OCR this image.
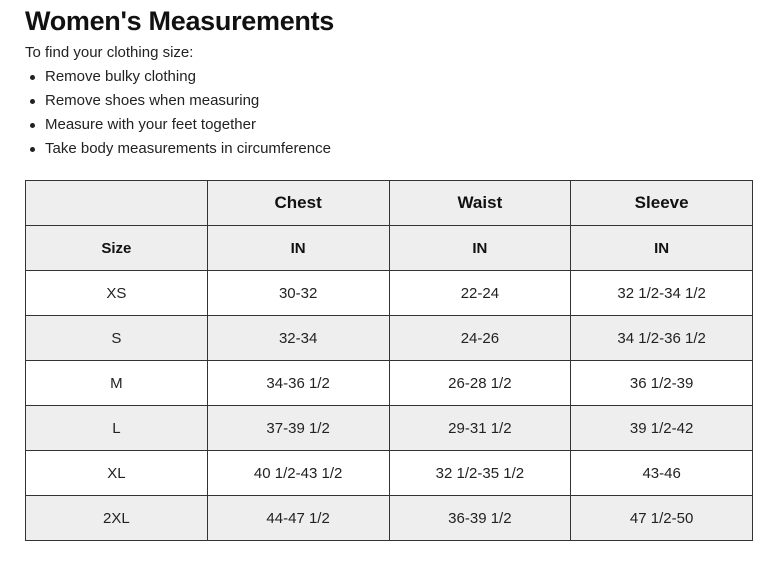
Women's Measurements
To find your clothing size:
Remove bulky clothing
Remove shoes when measuring
Measure with your feet together
Take body measurements in circumference
	Chest	Waist	Sleeve
Size	IN	IN	IN
XS	30-32	22-24	32 1/2-34 1/2
S	32-34	24-26	34 1/2-36 1/2
M	34-36 1/2	26-28 1/2	36 1/2-39
L	37-39 1/2	29-31 1/2	39 1/2-42
XL	40 1/2-43 1/2	32 1/2-35 1/2	43-46
2XL	44-47 1/2	36-39 1/2	47 1/2-50
